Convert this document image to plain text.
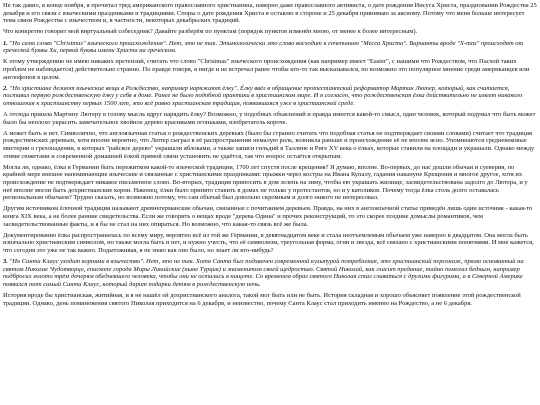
Не так давно, в конце ноября, я прочитал тред американского православного христианина, наверно даже православного активиста, о дате рождения Иисуса Христа, праздновании Рождества 25 декабря и его связи с языческими праздниками и традициями. Споры о дате рождения Христа я оставлю в стороне и 25 декабря принимаю за аксиому. Потому что меня больше интересует тема связи Рождества с язычеством и, в частности, некоторых декабрьских традиций.

Что конкретно говорит мой виртуальный собеседник? Давайте разберём по пунктам (порядок пунктов изменён мною, от менее к более интересным).

1. "Но само слово "Christmas" языческого происхождения". Нет, это не так. Этимологически это слово восходит к сочетанию "Месса Христа". Варианты вроде "X-mas" происходят от греческой буквы Хи, первой буквы имени Христа на греческом.

К этому утверждению не имею никаких претензий, считать что слово "Christmas" языческого происхождения (как например имеет "Easter", с нашими что Рождеством, что Пасхой таких проблем не наблюдается) действительно странно. По правде говоря, я нигде и не встречал ранее чтобы кто-то так высказывался, но возможно это популярное мнение среди американцев или англофонов в целом.

2. "Но христиане делают языческие вещи в Рождество, например наряжают ёлку". Ёлку ввёл в обращение протестантский реформатор Мартин Лютер, который, как считается, поставил первую рождественскую ёлку у себя в доме. Ранее не было подобной практики в христианском мире. И я согласен, что рождественская ёлка действительно не имеет никакого отношения к христианству первых 1500 лет, это всё равно христианская традиция, появившаяся уже в христианской среде.

А отсюда пришла Мартину Лютеру в голову мысль вдруг нарядить ёлку? Возможно, у подобных объяснений и правда имеется какой-то смысл, один человек, который подумал что быть может было бы неплохо украсить замечательное хвойное дерево красивыми огоньками, изобретатель короче.

А может быть и нет. Символично, что англоязычная статья о рождественских деревьях (было бы странно считать что подобная статья не подтверждает своими словами) считает что традиция рождественских деревьев, хотя вполне вероятно, что Лютер сыграл в её распространении немалую роль, возникла раньше и происхождение её не вполне ясно. Упоминаются средневековые мистерии о грехопадении, в которых "райское дерево" украшали яблоками, а также записи гильдий в Таллине и Риге XV века о ёлках, которые ставили на площади и украшали. Однако между этими сюжетами и современной домашней ёлкой прямой связи установить не удаётся, так что вопрос остаётся открытым.

Могла ли, однако, ёлка в Германии быть пережитком какой-то языческой традиции, 1700 лет спустя после крещения? Я думаю, вполне. Во-первых, до нас дошли обычаи и суеверия, по крайней мере внешне напоминающие языческие и связанные с христианскими праздниками: прыжки через костры на Ивана Купалу, гадания накануне Крещения и многое другое, хотя их происхождение не подтверждает никакое письменное слово. Во-вторых, традиция приносить в дом зелень на зиму, чтобы ею украшать жилище, засвидетельствована задолго до Лютера, и у неё вполне могли быть дохристианские корни. Наконец, ёлки было принято ставить в домах не только у протестантов, но и у католиков. Почему тогда ёлка столь долго оставалась региональным обычаем? Трудно сказать, но возможно потому, что сам обычай был довольно скромным и долго никого не интересовал.

Другим источником ёлочной традиции называют древнегерманские обычаи, связанные с почитанием деревьев. Правда, на них в англоязычной статье приведён лишь один источник - какая-то книга XIX века, а не более ранние свидетельства. Если же говорить о вещах вроде "дерева Одина" и прочих реконструкций, то это скорее поздние домыслы романтиков, чем засвидетельствованные факты, и я бы не стал на них опираться. Но возможно, что какая-то связь всё же была.

Документированно ёлка распространилась по всему миру, вероятно всё из той же Германии, в девятнадцатом веке и стала неотъемлемым обычаем уже наверно в двадцатом. Она могла быть изначально христианским символом, но также могла быть и нет, и нужно учесть, что её символизм, треугольная форма, огни и звезда, всё связано с христианскими понятиями. И мне кажется, что сегодня это уже не так важно. Подытоживая, я не знаю как оно было, но знает ли кто-нибудь?

3. "Но Санта Клаус уходит корнями в язычество". Нет, это не так. Хотя Санта был подхвачен современной культурой потребления, это христианский персонаж, прямо основанный на святом Николае Чудотворце, епископе города Миры Ликийские (ныне Турция) и знаменитом своей щедростью. Святой Николай, как гласит предание, тайно помогал бедным, например подбросил золото трём дочерям обедневшего человека, чтобы они не остались в нищете. Со временем образ святого Николая стал сливаться с другими фигурами, а в Северной Америке появился тот самый Санта Клаус, который дарит подарки детям в рождественскую ночь.

История вроде бы христианская, житийная, и я не нашёл ей дохристианского аналога, такой мог быть или не быть. История складная и хорошо объясняет появление этой рождественской традиции. Однако, день поминовения святого Николая приходится на 6 декабря, и неизвестно, почему Санта Клаус стал приходить именно на Рождество, а не 6 декабря.
